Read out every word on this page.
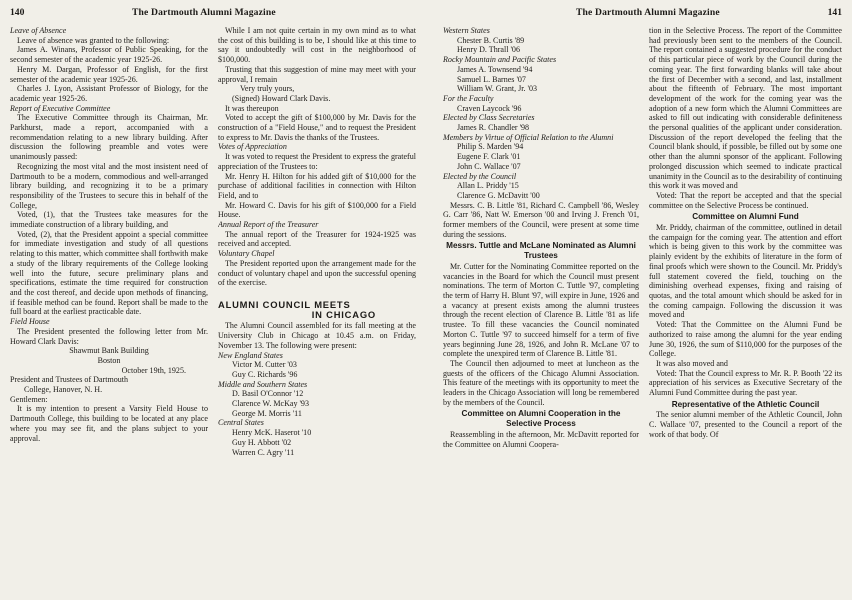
140	The Dartmouth Alumni Magazine	The Dartmouth Alumni Magazine	141

Leave of Absence

Leave of absence was granted to the following:

James A. Winans, Professor of Public Speaking, for the second semester of the academic year 1925-26.

Henry M. Dargan, Professor of English, for the first semester of the academic year 1925-26.

Charles J. Lyon, Assistant Professor of Biology, for the academic year 1925-26.

Report of Executive Committee

The Executive Committee through its Chairman, Mr. Parkhurst, made a report, accompanied with a recommendation relating to a new library building. After discussion the following preamble and votes were unanimously passed:

Recognizing the most vital and the most insistent need of Dartmouth to be a modern, commodious and well-arranged library building, and recognizing it to be a primary responsibility of the Trustees to secure this in behalf of the College,

Voted, (1), that the Trustees take measures for the immediate construction of a library building, and

Voted, (2), that the President appoint a special committee for immediate investigation and study of all questions relating to this matter, which committee shall forthwith make a study of the library requirements of the College looking well into the future, secure preliminary plans and specifications, estimate the time required for construction and the cost thereof, and decide upon methods of financing, if feasible method can be found. Report shall be made to the full board at the earliest practicable date.

Field House

The President presented the following letter from Mr. Howard Clark Davis:

Shawmut Bank Building

Boston

October 19th, 1925.

President and Trustees of Dartmouth

College, Hanover, N. H.

Gentlemen:

It is my intention to present a Varsity Field House to Dartmouth College, this building to be located at any place where you may see fit, and the plans subject to your approval.

While I am not quite certain in my own mind as to what the cost of this building is to be, I should like at this time to say it undoubtedly will cost in the neighborhood of $100,000.

Trusting that this suggestion of mine may meet with your approval, I remain

Very truly yours,

(Signed) Howard Clark Davis.

It was thereupon

Voted to accept the gift of $100,000 by Mr. Davis for the construction of a "Field House," and to request the President to express to Mr. Davis the thanks of the Trustees.

Votes of Appreciation

It was voted to request the President to express the grateful appreciation of the Trustees to:

Mr. Henry H. Hilton for his added gift of $10,000 for the purchase of additional facilities in connection with Hilton Field, and to

Mr. Howard C. Davis for his gift of $100,000 for a Field House.

Annual Report of the Treasurer

The annual report of the Treasurer for 1924-1925 was received and accepted.

Voluntary Chapel

The President reported upon the arrangement made for the conduct of voluntary chapel and upon the successful opening of the exercise.

ALUMNI COUNCIL MEETS
IN CHICAGO

The Alumni Council assembled for its fall meeting at the University Club in Chicago at 10.45 a.m. on Friday, November 13. The following were present:

New England States

Victor M. Cutter '03

Guy C. Richards '96

Middle and Southern States

D. Basil O'Connor '12

Clarence W. McKay '93

George M. Morris '11

Central States

Henry McK. Haserot '10

Guy H. Abbott '02

Warren C. Agry '11

Western States

Chester B. Curtis '89

Henry D. Thrall '06

Rocky Mountain and Pacific States

James A. Townsend '94

Samuel L. Barnes '07

William W. Grant, Jr. '03

For the Faculty

Craven Laycock '96

Elected by Class Secretaries

James R. Chandler '98

Members by Virtue of Official Relation to the Alumni

Philip S. Marden '94

Eugene F. Clark '01

John C. Wallace '07

Elected by the Council

Allan L. Priddy '15

Clarence G. McDavitt '00

Messrs. C. B. Little '81, Richard C. Campbell '86, Wesley G. Carr '86, Natt W. Emerson '00 and Irving J. French '01, former members of the Council, were present at some time during the sessions.

Messrs. Tuttle and McLane Nominated as Alumni Trustees

Mr. Cutter for the Nominating Committee reported on the vacancies in the Board for which the Council must present nominations. The term of Morton C. Tuttle '97, completing the term of Harry H. Blunt '97, will expire in June, 1926 and a vacancy at present exists among the alumni trustees through the recent election of Clarence B. Little '81 as life trustee. To fill these vacancies the Council nominated Morton C. Tuttle '97 to succeed himself for a term of five years beginning June 28, 1926, and John R. McLane '07 to complete the unexpired term of Clarence B. Little '81.

The Council then adjourned to meet at luncheon as the guests of the officers of the Chicago Alumni Association. This feature of the meetings with its opportunity to meet the leaders in the Chicago Association will long be remembered by the members of the Council.

Committee on Alumni Cooperation in the Selective Process

Reassembling in the afternoon, Mr. McDavitt reported for the Committee on Alumni Coopera-

tion in the Selective Process. The report of the Committee had previously been sent to the members of the Council. The report contained a suggested procedure for the conduct of this particular piece of work by the Council during the coming year. The first forwarding blanks will take about the first of December with a second, and last, installment about the fifteenth of February. The most important development of the work for the coming year was the adoption of a new form which the Alumni Committees are asked to fill out indicating with considerable definiteness the personal qualities of the applicant under consideration. Discussion of the report developed the feeling that the Council blank should, if possible, be filled out by some one other than the alumni sponsor of the applicant. Following prolonged discussion which seemed to indicate practical unanimity in the Council as to the desirability of continuing this work it was moved and

Voted: That the report be accepted and that the special committee on the Selective Process be continued.

Committee on Alumni Fund

Mr. Priddy, chairman of the committee, outlined in detail the campaign for the coming year. The attention and effort which is being given to this work by the committee was plainly evident by the exhibits of literature in the form of final proofs which were shown to the Council. Mr. Priddy's full statement covered the field, touching on the diminishing overhead expenses, fixing and raising of quotas, and the total amount which should be asked for in the coming campaign. Following the discussion it was moved and

Voted: That the Committee on the Alumni Fund be authorized to raise among the alumni for the year ending June 30, 1926, the sum of $110,000 for the purposes of the College.

It was also moved and

Voted: That the Council express to Mr. R. P. Booth '22 its appreciation of his services as Executive Secretary of the Alumni Fund Committee during the past year.

Representative of the Athletic Council

The senior alumni member of the Athletic Council, John C. Wallace '07, presented to the Council a report of the work of that body. Of
